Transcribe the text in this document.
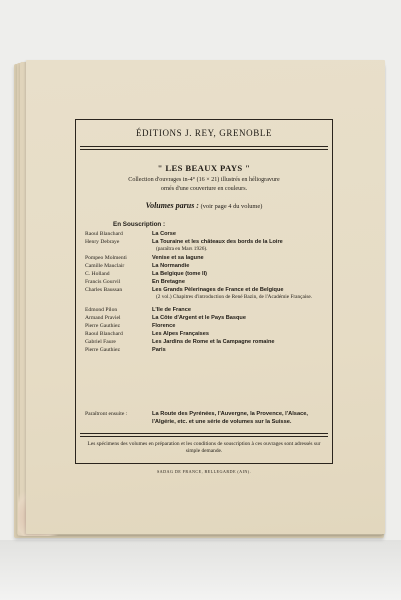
ÉDITIONS J. REY, GRENOBLE
" LES BEAUX PAYS "
Collection d'ouvrages in-4° (16 × 21) illustrés en héliogravure
ornés d'une couverture en couleurs.
Volumes parus : (voir page 4 du volume)
En Souscription :
Raoul Blanchard	La Corse
Henry Debraye	La Touraine et les châteaux des bords de la Loire
(paraîtra en Mars 1926).
Pompeo Molmenti	Venise et sa lagune
Camille Mauclair	La Normandie
C. Holland	La Belgique (tome II)
Francis Gourvil	En Bretagne
Charles Baussan	Les Grands Pèlerinages de France et de Belgique
(2 vol.) Chapitres d'introduction de René Bazin, de l'Académie Française.
Edmond Pilon	L'Ile de France
Armand Praviel	La Côte d'Argent et le Pays Basque
Pierre Gauthiez	Florence
Raoul Blanchard	Les Alpes Françaises
Gabriel Faure	Les Jardins de Rome et la Campagne romaine
Pierre Gauthiez	Paris
Paraîtront ensuite :	La Route des Pyrénées, l'Auvergne, la Provence, l'Alsace, l'Algérie, etc. et une série de volumes sur la Suisse.
Les spécimens des volumes en préparation et les conditions de souscription à ces ouvrages sont adressés sur simple demande.
SADAG DE FRANCE, BELLEGARDE (AIN).
